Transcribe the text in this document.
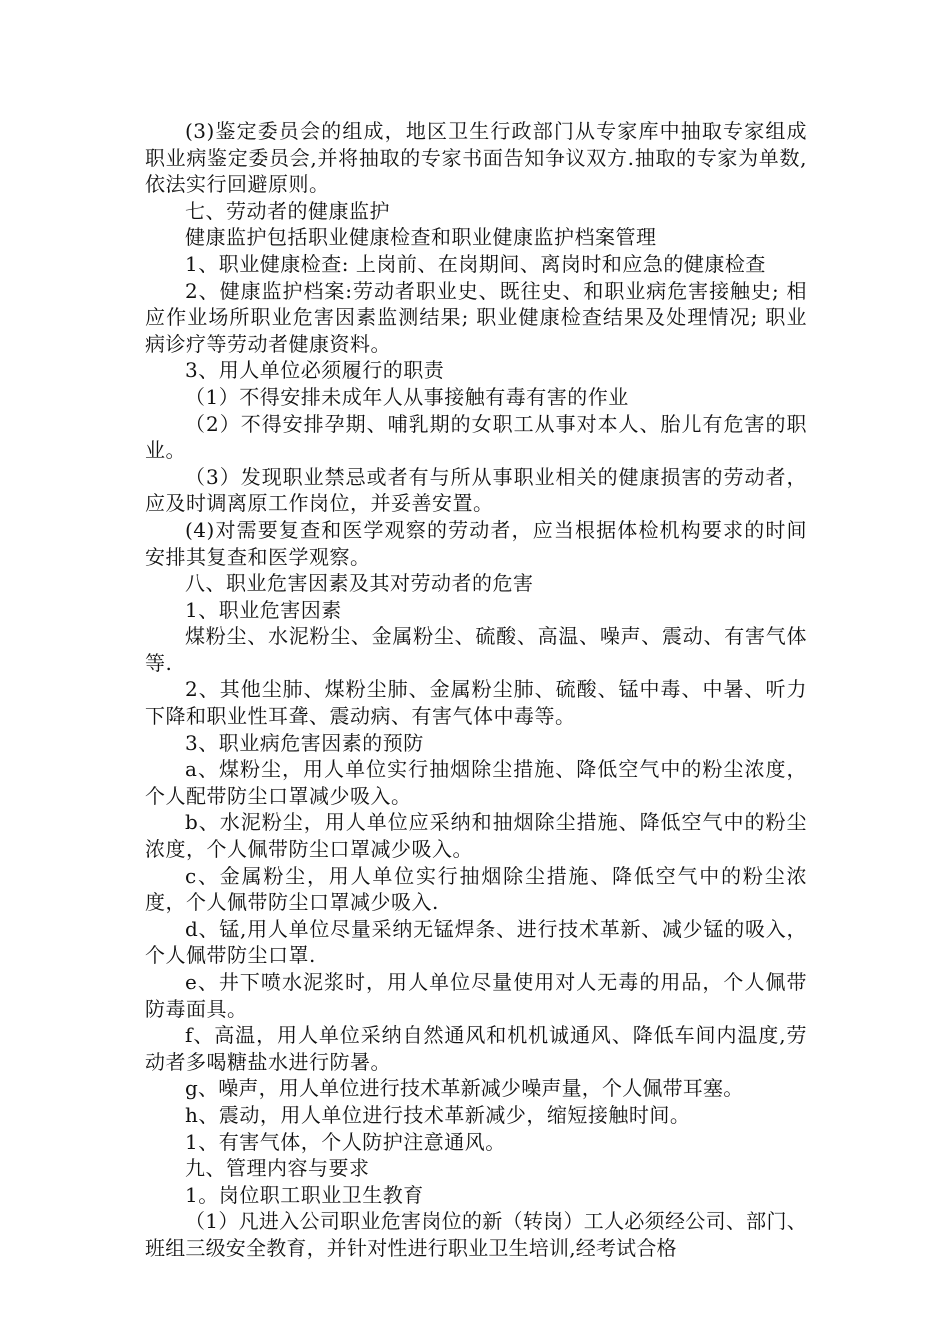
(3)鉴定委员会的组成，地区卫生行政部门从专家库中抽取专家组成职业病鉴定委员会,并将抽取的专家书面告知争议双方.抽取的专家为单数,依法实行回避原则。

七、劳动者的健康监护

健康监护包括职业健康检查和职业健康监护档案管理

1、职业健康检查: 上岗前、在岗期间、离岗时和应急的健康检查

2、健康监护档案:劳动者职业史、既往史、和职业病危害接触史; 相应作业场所职业危害因素监测结果; 职业健康检查结果及处理情况; 职业病诊疗等劳动者健康资料。

3、用人单位必须履行的职责

（1）不得安排未成年人从事接触有毒有害的作业

（2）不得安排孕期、哺乳期的女职工从事对本人、胎儿有危害的职业。

（3）发现职业禁忌或者有与所从事职业相关的健康损害的劳动者，应及时调离原工作岗位，并妥善安置。

(4)对需要复查和医学观察的劳动者，应当根据体检机构要求的时间安排其复查和医学观察。

八、职业危害因素及其对劳动者的危害

1、职业危害因素

煤粉尘、水泥粉尘、金属粉尘、硫酸、高温、噪声、震动、有害气体等.

2、其他尘肺、煤粉尘肺、金属粉尘肺、硫酸、锰中毒、中暑、听力下降和职业性耳聋、震动病、有害气体中毒等。

3、职业病危害因素的预防

a、煤粉尘，用人单位实行抽烟除尘措施、降低空气中的粉尘浓度，个人配带防尘口罩减少吸入。

b、水泥粉尘，用人单位应采纳和抽烟除尘措施、降低空气中的粉尘浓度，个人佩带防尘口罩减少吸入。

c、金属粉尘，用人单位实行抽烟除尘措施、降低空气中的粉尘浓度，个人佩带防尘口罩减少吸入.

d、锰,用人单位尽量采纳无锰焊条、进行技术革新、减少锰的吸入，个人佩带防尘口罩.

e、井下喷水泥浆时，用人单位尽量使用对人无毒的用品，个人佩带防毒面具。

f、高温，用人单位采纳自然通风和机机诚通风、降低车间内温度,劳动者多喝糖盐水进行防暑。

g、噪声，用人单位进行技术革新减少噪声量，个人佩带耳塞。

h、震动，用人单位进行技术革新减少，缩短接触时间。

1、有害气体，个人防护注意通风。

九、管理内容与要求

1。岗位职工职业卫生教育

（1）凡进入公司职业危害岗位的新（转岗）工人必须经公司、部门、班组三级安全教育，并针对性进行职业卫生培训,经考试合格
